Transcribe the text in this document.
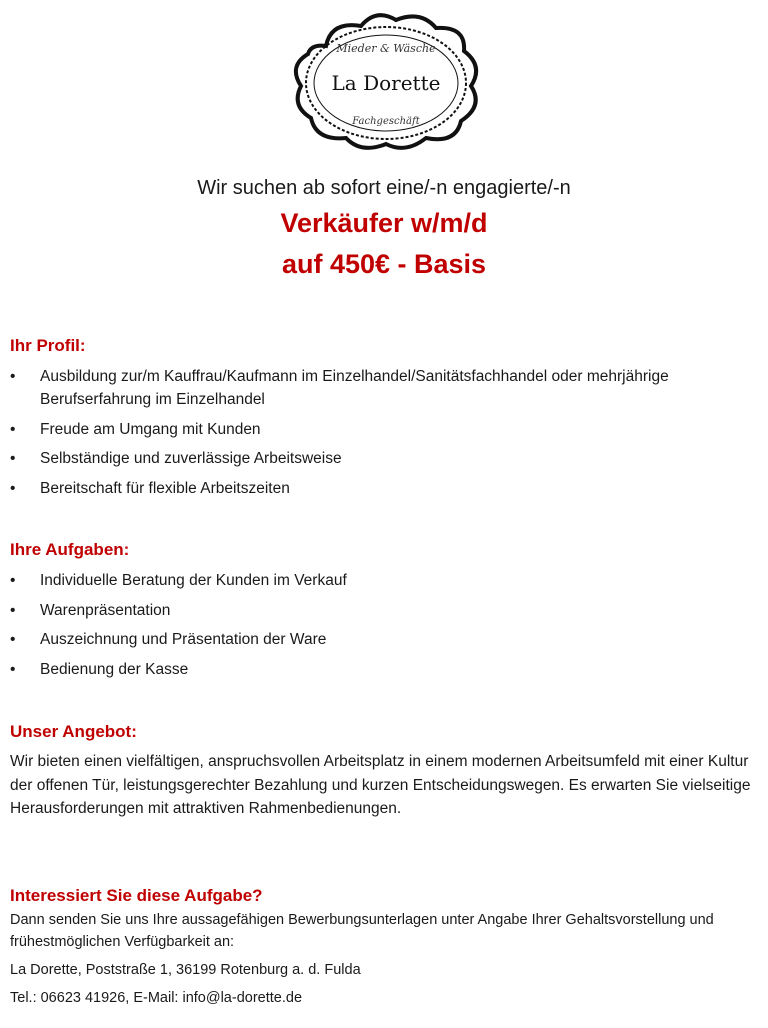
Mieder & Wäsche
La Dorette
Fachgeschäft
Wir suchen ab sofort eine/-n engagierte/-n
Verkäufer w/m/d
auf 450€ - Basis
Ihr Profil:
• Ausbildung zur/m Kauffrau/Kaufmann im Einzelhandel/Sanitätsfachhandel oder mehrjährige Berufserfahrung im Einzelhandel
• Freude am Umgang mit Kunden
• Selbständige und zuverlässige Arbeitsweise
• Bereitschaft für flexible Arbeitszeiten
Ihre Aufgaben:
• Individuelle Beratung der Kunden im Verkauf
• Warenpräsentation
• Auszeichnung und Präsentation der Ware
• Bedienung der Kasse
Unser Angebot:
Wir bieten einen vielfältigen, anspruchsvollen Arbeitsplatz in einem modernen Arbeitsumfeld mit einer Kultur der offenen Tür, leistungsgerechter Bezahlung und kurzen Entscheidungswegen. Es erwarten Sie vielseitige Herausforderungen mit attraktiven Rahmenbedienungen.
Interessiert Sie diese Aufgabe?
Dann senden Sie uns Ihre aussagefähigen Bewerbungsunterlagen unter Angabe Ihrer Gehaltsvorstellung und frühestmöglichen Verfügbarkeit an:
La Dorette, Poststraße 1, 36199 Rotenburg a. d. Fulda
Tel.: 06623 41926, E-Mail: info@la-dorette.de
